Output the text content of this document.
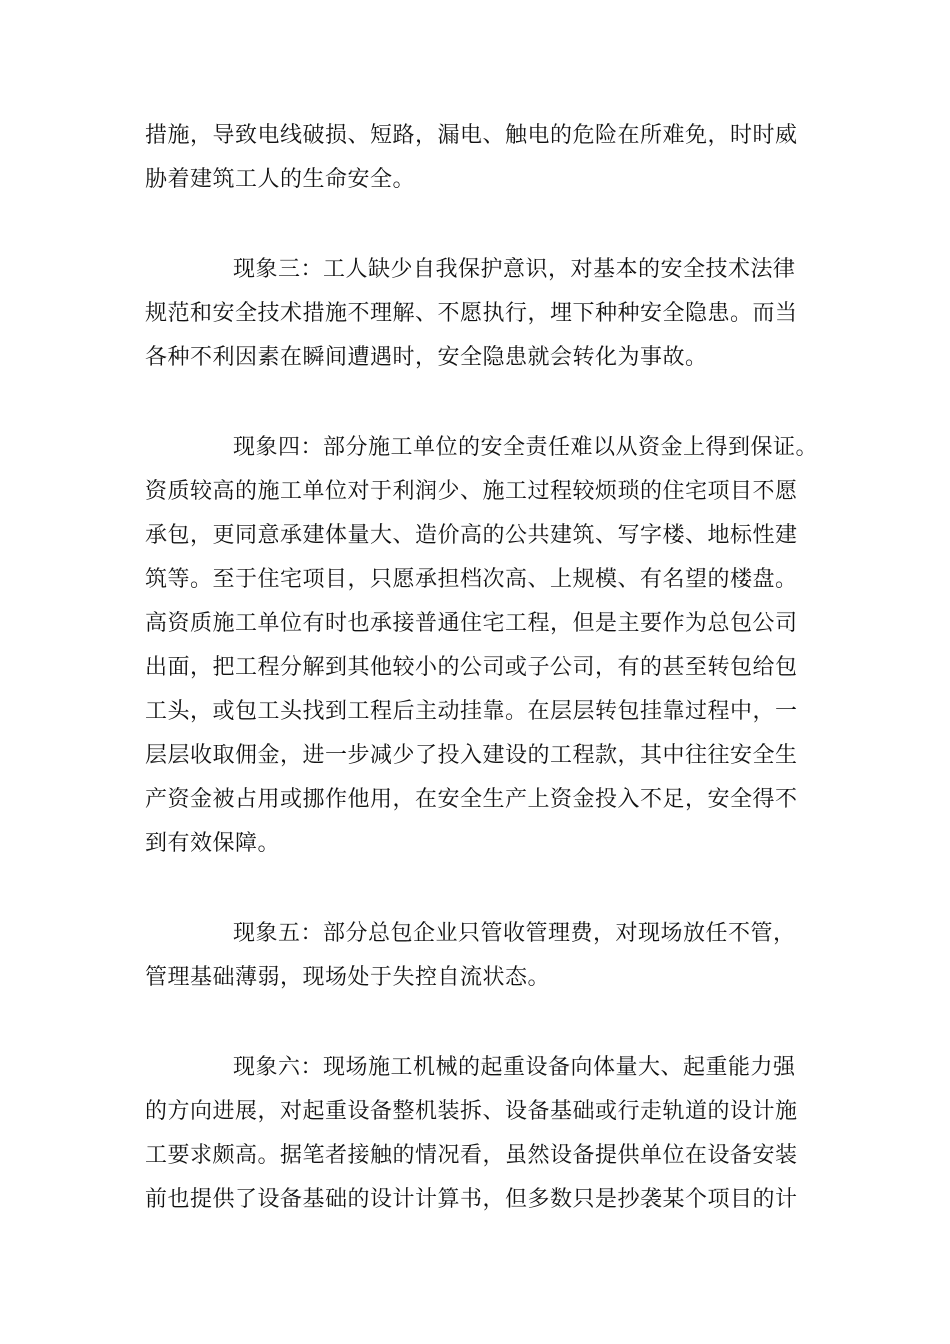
措施，导致电线破损、短路，漏电、触电的危险在所难免，时时威
胁着建筑工人的生命安全。
现象三：工人缺少自我保护意识，对基本的安全技术法律
规范和安全技术措施不理解、不愿执行，埋下种种安全隐患。而当
各种不利因素在瞬间遭遇时，安全隐患就会转化为事故。
现象四：部分施工单位的安全责任难以从资金上得到保证。
资质较高的施工单位对于利润少、施工过程较烦琐的住宅项目不愿
承包，更同意承建体量大、造价高的公共建筑、写字楼、地标性建
筑等。至于住宅项目，只愿承担档次高、上规模、有名望的楼盘。
高资质施工单位有时也承接普通住宅工程，但是主要作为总包公司
出面，把工程分解到其他较小的公司或子公司，有的甚至转包给包
工头，或包工头找到工程后主动挂靠。在层层转包挂靠过程中，一
层层收取佣金，进一步减少了投入建设的工程款，其中往往安全生
产资金被占用或挪作他用，在安全生产上资金投入不足，安全得不
到有效保障。
现象五：部分总包企业只管收管理费，对现场放任不管，
管理基础薄弱，现场处于失控自流状态。
现象六：现场施工机械的起重设备向体量大、起重能力强
的方向进展，对起重设备整机装拆、设备基础或行走轨道的设计施
工要求颇高。据笔者接触的情况看，虽然设备提供单位在设备安装
前也提供了设备基础的设计计算书，但多数只是抄袭某个项目的计
